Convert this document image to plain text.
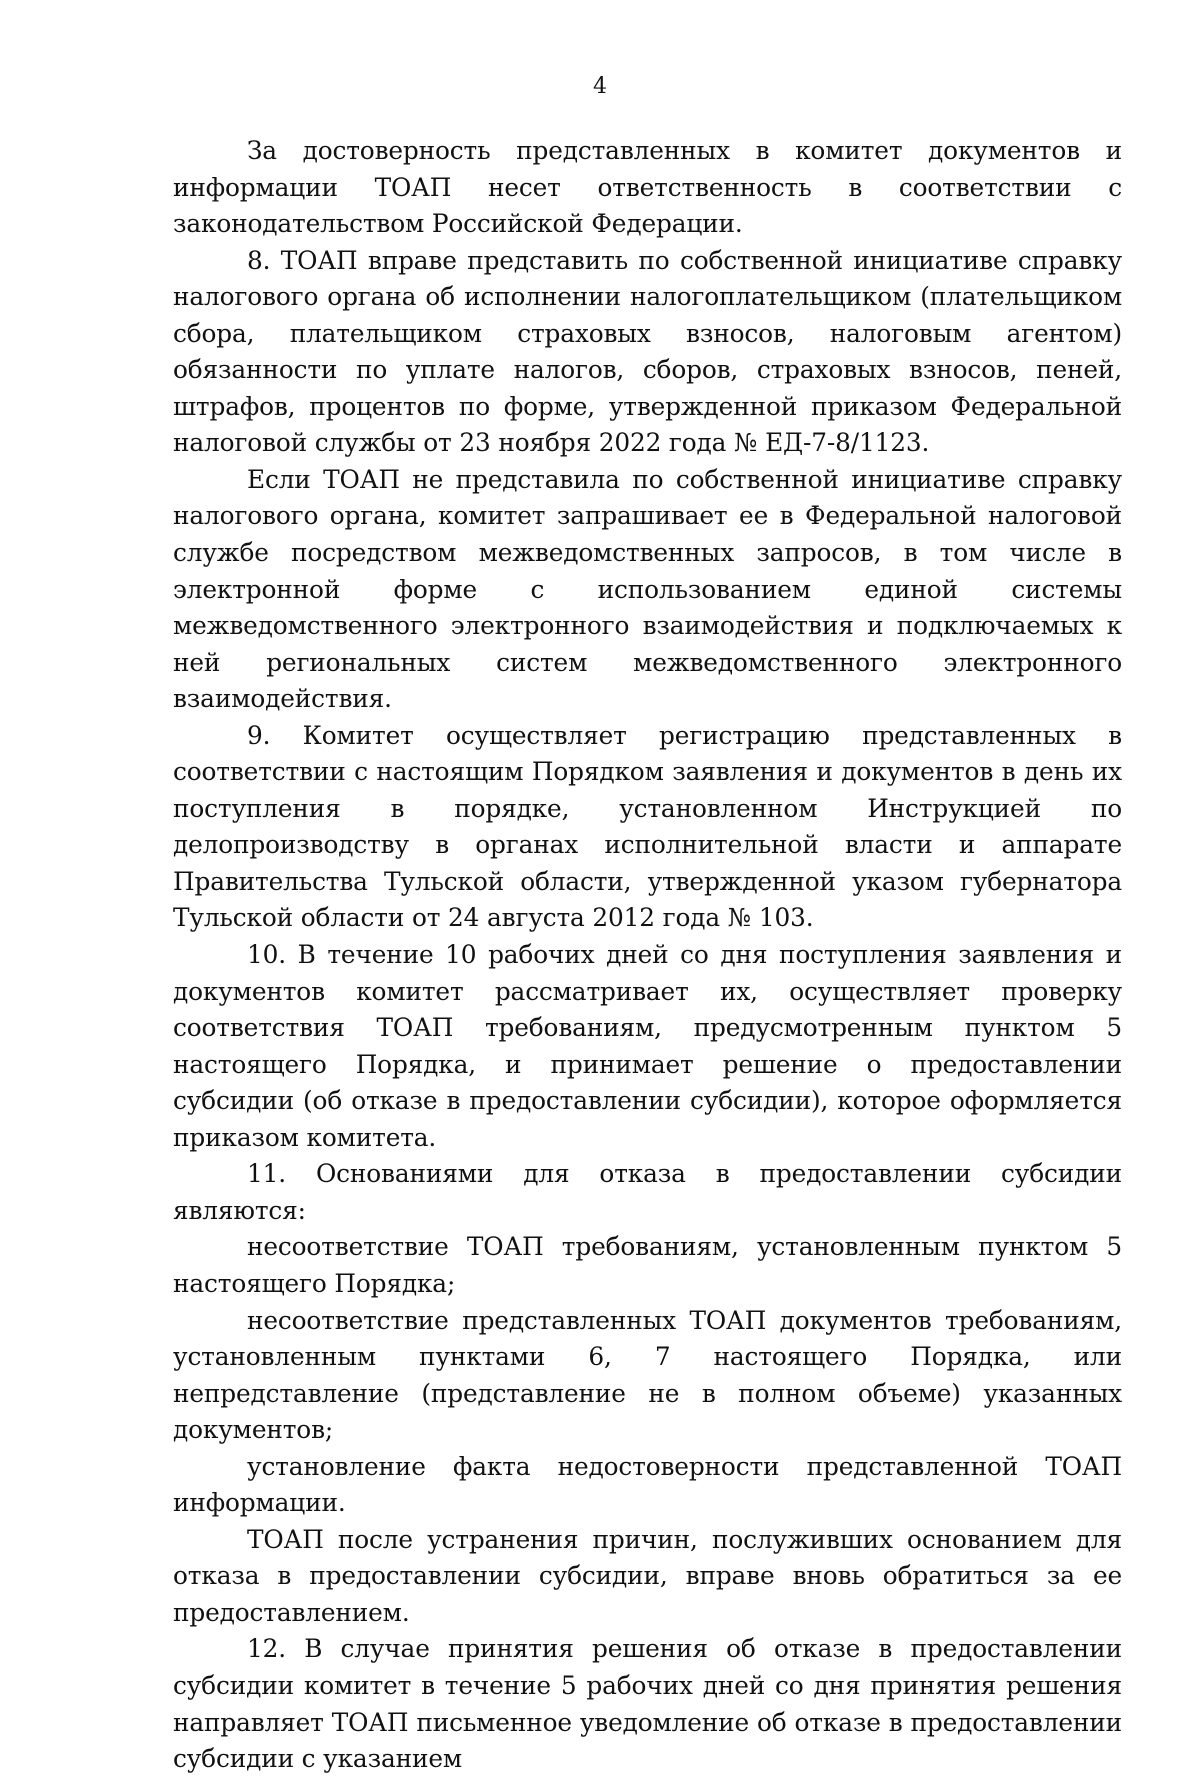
4

За достоверность представленных в комитет документов и информации ТОАП несет ответственность в соответствии с законодательством Российской Федерации.

8. ТОАП вправе представить по собственной инициативе справку налогового органа об исполнении налогоплательщиком (плательщиком сбора, плательщиком страховых взносов, налоговым агентом) обязанности по уплате налогов, сборов, страховых взносов, пеней, штрафов, процентов по форме, утвержденной приказом Федеральной налоговой службы от 23 ноября 2022 года № ЕД-7-8/1123.

Если ТОАП не представила по собственной инициативе справку налогового органа, комитет запрашивает ее в Федеральной налоговой службе посредством межведомственных запросов, в том числе в электронной форме с использованием единой системы межведомственного электронного взаимодействия и подключаемых к ней региональных систем межведомственного электронного взаимодействия.

9. Комитет осуществляет регистрацию представленных в соответствии с настоящим Порядком заявления и документов в день их поступления в порядке, установленном Инструкцией по делопроизводству в органах исполнительной власти и аппарате Правительства Тульской области, утвержденной указом губернатора Тульской области от 24 августа 2012 года № 103.

10. В течение 10 рабочих дней со дня поступления заявления и документов комитет рассматривает их, осуществляет проверку соответствия ТОАП требованиям, предусмотренным пунктом 5 настоящего Порядка, и принимает решение о предоставлении субсидии (об отказе в предоставлении субсидии), которое оформляется приказом комитета.

11. Основаниями для отказа в предоставлении субсидии являются:

несоответствие ТОАП требованиям, установленным пунктом 5 настоящего Порядка;

несоответствие представленных ТОАП документов требованиям, установленным пунктами 6, 7 настоящего Порядка, или непредставление (представление не в полном объеме) указанных документов;

установление факта недостоверности представленной ТОАП информации.

ТОАП после устранения причин, послуживших основанием для отказа в предоставлении субсидии, вправе вновь обратиться за ее предоставлением.

12. В случае принятия решения об отказе в предоставлении субсидии комитет в течение 5 рабочих дней со дня принятия решения направляет ТОАП письменное уведомление об отказе в предоставлении субсидии с указанием
